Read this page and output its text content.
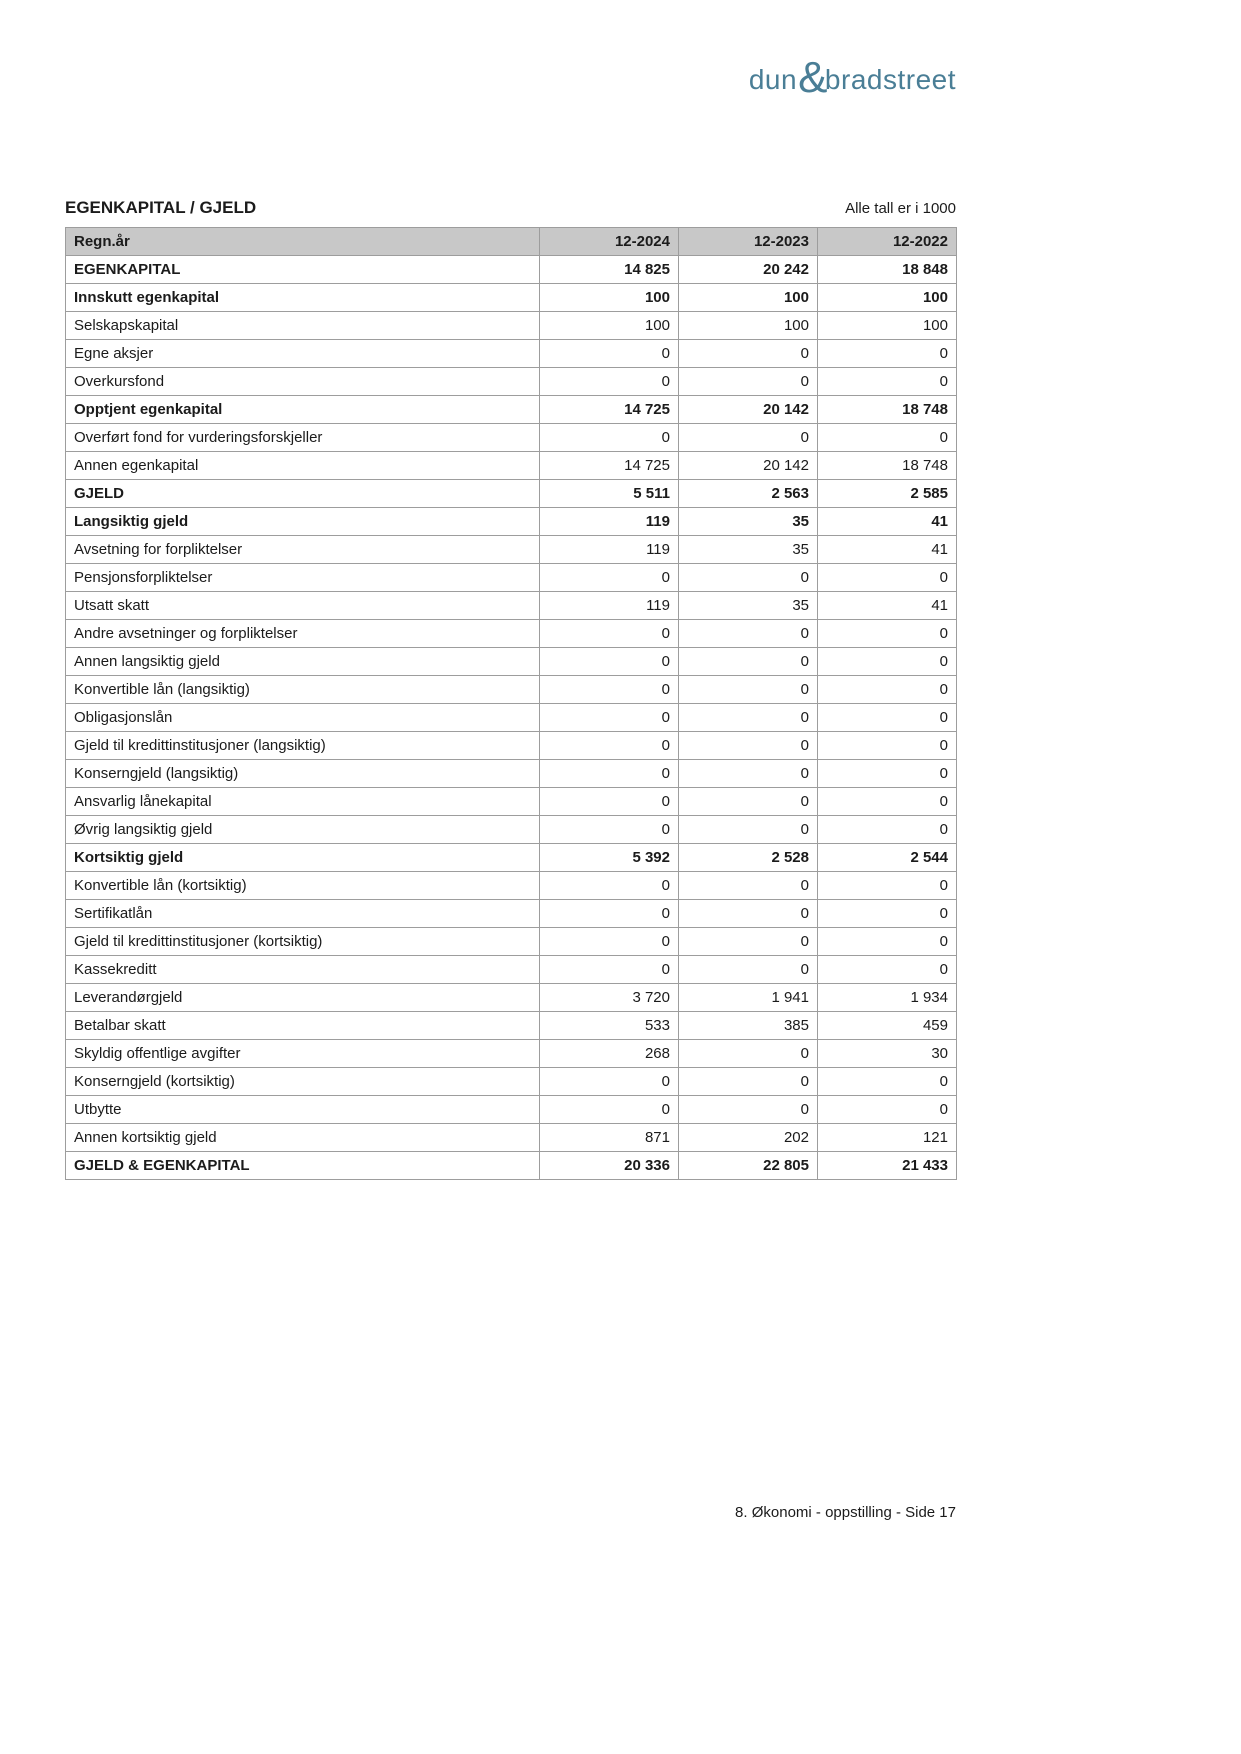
dun &
bradstreet
EGENKAPITAL / GJELD	Alle tall er i 1000
Regn.år	12-2024	12-2023	12-2022
EGENKAPITAL	14 825	20 242	18 848
Innskutt egenkapital	100	100	100
Selskapskapital	100	100	100
Egne aksjer	0	0	0
Overkursfond	0	0	0
Opptjent egenkapital	14 725	20 142	18 748
Overført fond for vurderingsforskjeller	0	0	0
Annen egenkapital	14 725	20 142	18 748
GJELD	5 511	2 563	2 585
Langsiktig gjeld	119	35	41
Avsetning for forpliktelser	119	35	41
Pensjonsforpliktelser	0	0	0
Utsatt skatt	119	35	41
Andre avsetninger og forpliktelser	0	0	0
Annen langsiktig gjeld	0	0	0
Konvertible lån (langsiktig)	0	0	0
Obligasjonslån	0	0	0
Gjeld til kredittinstitusjoner (langsiktig)	0	0	0
Konserngjeld (langsiktig)	0	0	0
Ansvarlig lånekapital	0	0	0
Øvrig langsiktig gjeld	0	0	0
Kortsiktig gjeld	5 392	2 528	2 544
Konvertible lån (kortsiktig)	0	0	0
Sertifikatlån	0	0	0
Gjeld til kredittinstitusjoner (kortsiktig)	0	0	0
Kassekreditt	0	0	0
Leverandørgjeld	3 720	1 941	1 934
Betalbar skatt	533	385	459
Skyldig offentlige avgifter	268	0	30
Konserngjeld (kortsiktig)	0	0	0
Utbytte	0	0	0
Annen kortsiktig gjeld	871	202	121
GJELD & EGENKAPITAL	20 336	22 805	21 433
8. Økonomi - oppstilling - Side 17
